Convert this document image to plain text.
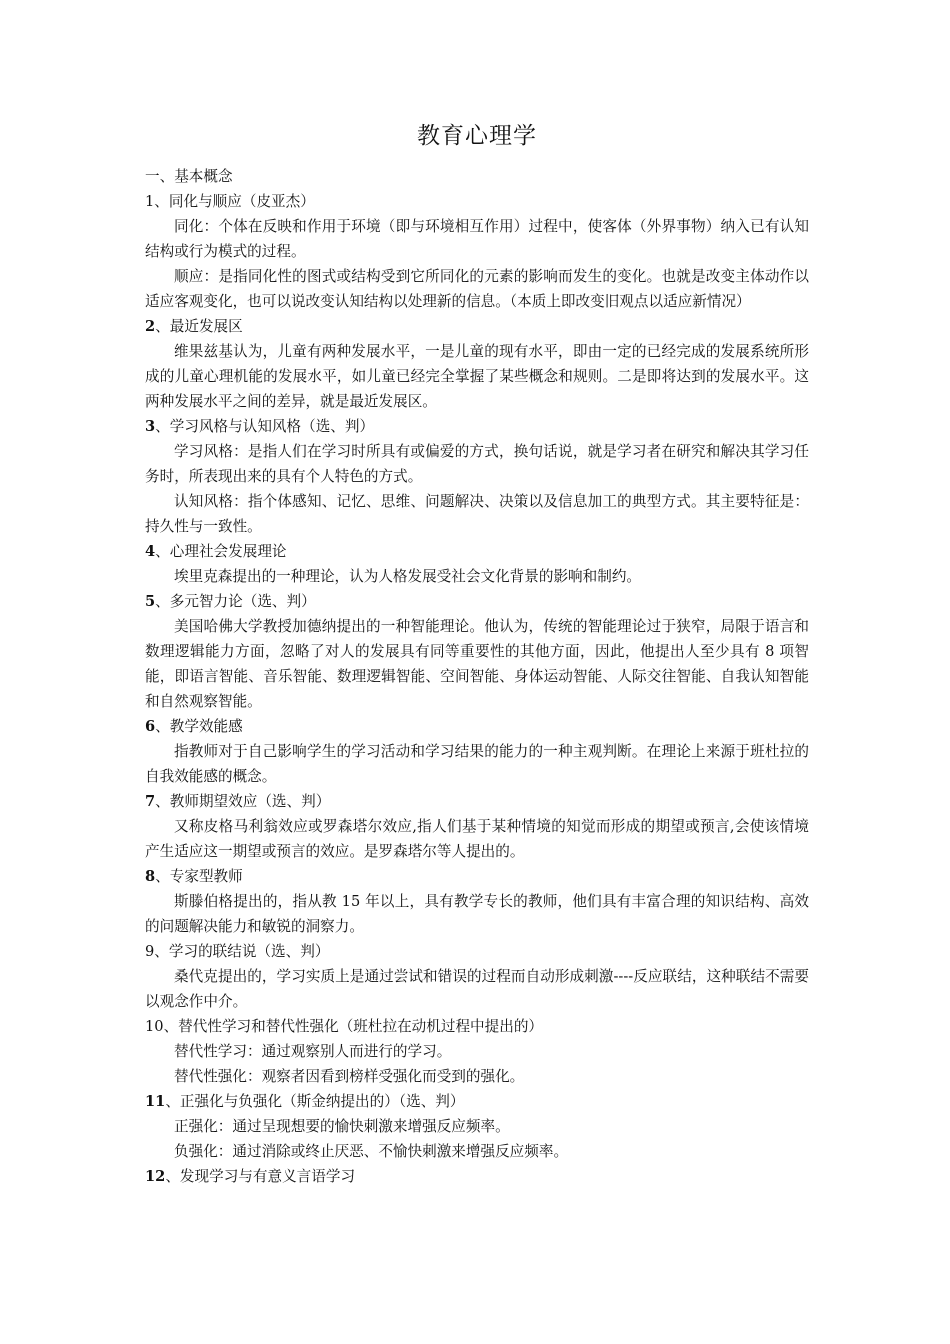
教育心理学

一、基本概念

1、同化与顺应（皮亚杰）

同化：个体在反映和作用于环境（即与环境相互作用）过程中，使客体（外界事物）纳入已有认知结构或行为模式的过程。

顺应：是指同化性的图式或结构受到它所同化的元素的影响而发生的变化。也就是改变主体动作以适应客观变化，也可以说改变认知结构以处理新的信息。（本质上即改变旧观点以适应新情况）

2、最近发展区

维果兹基认为，儿童有两种发展水平，一是儿童的现有水平，即由一定的已经完成的发展系统所形成的儿童心理机能的发展水平，如儿童已经完全掌握了某些概念和规则。二是即将达到的发展水平。这两种发展水平之间的差异，就是最近发展区。

3、学习风格与认知风格（选、判）

学习风格：是指人们在学习时所具有或偏爱的方式，换句话说，就是学习者在研究和解决其学习任务时，所表现出来的具有个人特色的方式。

认知风格：指个体感知、记忆、思维、问题解决、决策以及信息加工的典型方式。其主要特征是：持久性与一致性。

4、心理社会发展理论

埃里克森提出的一种理论，认为人格发展受社会文化背景的影响和制约。

5、多元智力论（选、判）

美国哈佛大学教授加德纳提出的一种智能理论。他认为，传统的智能理论过于狭窄，局限于语言和数理逻辑能力方面，忽略了对人的发展具有同等重要性的其他方面，因此，他提出人至少具有 8 项智能，即语言智能、音乐智能、数理逻辑智能、空间智能、身体运动智能、人际交往智能、自我认知智能和自然观察智能。

6、教学效能感

指教师对于自己影响学生的学习活动和学习结果的能力的一种主观判断。在理论上来源于班杜拉的自我效能感的概念。

7、教师期望效应（选、判）

又称皮格马利翁效应或罗森塔尔效应,指人们基于某种情境的知觉而形成的期望或预言,会使该情境产生适应这一期望或预言的效应。是罗森塔尔等人提出的。

8、专家型教师

斯滕伯格提出的，指从教 15 年以上，具有教学专长的教师，他们具有丰富合理的知识结构、高效的问题解决能力和敏锐的洞察力。

9、学习的联结说（选、判）

桑代克提出的，学习实质上是通过尝试和错误的过程而自动形成刺激----反应联结，这种联结不需要以观念作中介。

10、替代性学习和替代性强化（班杜拉在动机过程中提出的）

替代性学习：通过观察别人而进行的学习。

替代性强化：观察者因看到榜样受强化而受到的强化。

11、正强化与负强化（斯金纳提出的）（选、判）

正强化：通过呈现想要的愉快刺激来增强反应频率。

负强化：通过消除或终止厌恶、不愉快刺激来增强反应频率。

12、发现学习与有意义言语学习
